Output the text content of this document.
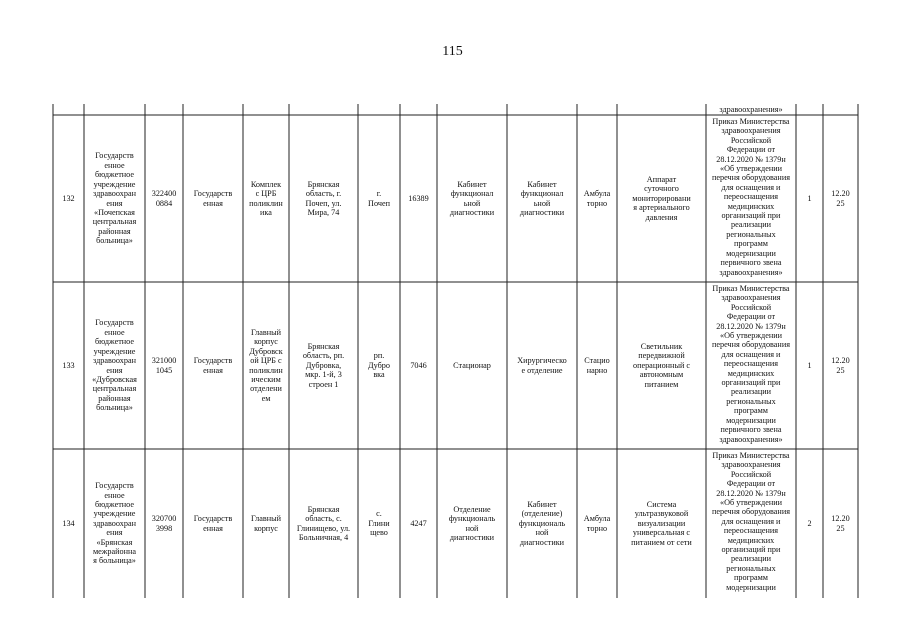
115
здравоохранения»
132
Государств
енное
бюджетное
учреждение
здравоохран
ения
«Почепская
центральная
районная
больница»
322400
0884
Государств
енная
Комплек
с ЦРБ
поликлин
ика
Брянская
область, г.
Почеп, ул.
Мира, 74
г.
Почеп
16389
Кабинет
функционал
ьной
диагностики
Кабинет
функционал
ьной
диагностики
Амбула
торно
Аппарат
суточного
мониторировани
я артериального
давления
Приказ Министерства
здравоохранения
Российской
Федерации от
28.12.2020 № 1379н
«Об утверждении
перечня оборудования
для оснащения и
переоснащения
медицинских
организаций при
реализации
региональных
программ
модернизации
первичного звена
здравоохранения»
1
12.20
25
133
Государств
енное
бюджетное
учреждение
здравоохран
ения
«Дубровская
центральная
районная
больница»
321000
1045
Государств
енная
Главный
корпус
Дубровск
ой ЦРБ с
поликлин
ическим
отделени
ем
Брянская
область, рп.
Дубровка,
мкр. 1-й, 3
строен 1
рп.
Дубро
вка
7046	Стационар
Хирургическо
е отделение
Стацио
нарно
Светильник
передвижной
операционный с
автономным
питанием
Приказ Министерства
здравоохранения
Российской
Федерации от
28.12.2020 № 1379н
«Об утверждении
перечня оборудования
для оснащения и
переоснащения
медицинских
организаций при
реализации
региональных
программ
модернизации
первичного звена
здравоохранения»
1
12.20
25
134
Государств
енное
бюджетное
учреждение
здравоохран
ения
«Брянская
межрайонна
я больница»
320700
3998
Государств
енная
Главный
корпус
Брянская
область, с.
Глинищево, ул.
Больничная, 4
с.
Глини
щево
4247
Отделение
функциональ
ной
диагностики
Кабинет
(отделение)
функциональ
ной
диагностики
Амбула
торно
Система
ультразвуковой
визуализации
универсальная с
питанием от сети
Приказ Министерства
здравоохранения
Российской
Федерации от
28.12.2020 № 1379н
«Об утверждении
перечня оборудования
для оснащения и
переоснащения
медицинских
организаций при
реализации
региональных
программ
модернизации
2
12.20
25
